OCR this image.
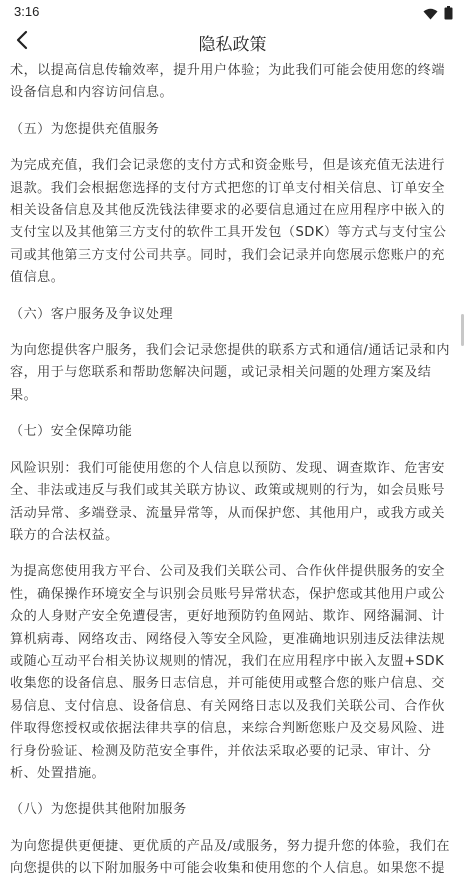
3:16
隐私政策

术，以提高信息传输效率，提升用户体验；为此我们可能会使用您的终端设备信息和内容访问信息。

（五）为您提供充值服务

为完成充值，我们会记录您的支付方式和资金账号，但是该充值无法进行退款。我们会根据您选择的支付方式把您的订单支付相关信息、订单安全相关设备信息及其他反洗钱法律要求的必要信息通过在应用程序中嵌入的支付宝以及其他第三方支付的软件工具开发包（SDK）等方式与支付宝公司或其他第三方支付公司共享。同时，我们会记录并向您展示您账户的充值信息。

（六）客户服务及争议处理

为向您提供客户服务，我们会记录您提供的联系方式和通信/通话记录和内容，用于与您联系和帮助您解决问题，或记录相关问题的处理方案及结果。

（七）安全保障功能

风险识别：我们可能使用您的个人信息以预防、发现、调查欺诈、危害安全、非法或违反与我们或其关联方协议、政策或规则的行为，如会员账号活动异常、多端登录、流量异常等，从而保护您、其他用户，或我方或关联方的合法权益。

为提高您使用我方平台、公司及我们关联公司、合作伙伴提供服务的安全性，确保操作环境安全与识别会员账号异常状态，保护您或其他用户或公众的人身财产安全免遭侵害，更好地预防钓鱼网站、欺诈、网络漏洞、计算机病毒、网络攻击、网络侵入等安全风险，更准确地识别违反法律法规或随心互动平台相关协议规则的情况，我们在应用程序中嵌入友盟+SDK收集您的设备信息、服务日志信息，并可能使用或整合您的账户信息、交易信息、支付信息、设备信息、有关网络日志以及我们关联公司、合作伙伴取得您授权或依据法律共享的信息，来综合判断您账户及交易风险、进行身份验证、检测及防范安全事件，并依法采取必要的记录、审计、分析、处置措施。

（八）为您提供其他附加服务

为向您提供更便捷、更优质的产品及/或服务，努力提升您的体验，我们在向您提供的以下附加服务中可能会收集和使用您的个人信息。如果您不提
